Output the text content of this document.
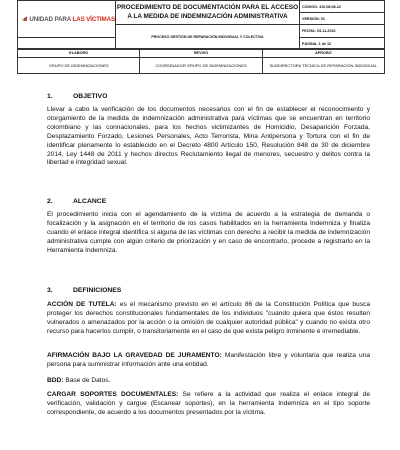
UNIDAD PARA LAS VÍCTIMAS	PROCEDIMIENTO DE DOCUMENTACIÓN PARA EL ACCESO A LA MEDIDA DE INDEMNIZACIÓN ADMINISTRATIVA	CÓDIGO: 410,08,08-22
		VERSIÓN: 01
	PROCESO GESTIÓN DE REPARACIÓN INDIVIDUAL Y COLECTIVA	FECHA: 03-11-2016
		PÁGINA: 1 de 12
ELABORÓ	REVISÓ	APROBÓ
GRUPO DE INDEMNIZACIONES	COORDINADOR GRUPO DE INDEMNIZACIONES	SUBDIRECTORA TÉCNICA DE REPARACIÓN INDIVIDUAL
1.	OBJETIVO

Llevar a cabo la verificación de los documentos necesarios con el fin de establecer el reconocimiento y otorgamiento de la medida de indemnización administrativa para víctimas que se encuentran en territorio colombiano y las connacionales, para los hechos victimizantes de Homicidio, Desaparición Forzada, Desplazamiento Forzado, Lesiones Personales, Acto Terrorista, Mina Antipersona y Tortura con el fin de identificar plenamente lo establecido en el Decreto 4800 Artículo 150, Resolución 848 de 30 de diciembre 2014, Ley 1448 de 2011 y hechos directos Reclutamiento ilegal de menores, secuestro y delitos contra la libertad e integridad sexual.

2.	ALCANCE

El procedimiento inicia con el agendamiento de la víctima de acuerdo a la estrategia de demanda o focalización y la asignación en el territorio de los casos habilitados en la herramienta Indemniza y finaliza cuando el enlace integral identifica si alguna de las víctimas con derecho a recibir la medida de indemnización administrativa cumple con algún criterio de priorización y en caso de encontrarlo, procede a registrarlo en la Herramienta Indemniza.

3.	DEFINICIONES

ACCIÓN DE TUTELA: es el mecanismo previsto en el artículo 86 de la Constitución Política que busca proteger los derechos constitucionales fundamentales de los individuos "cuando quiera que éstos resulten vulnerados o amenazados por la acción o la omisión de cualquier autoridad pública" y cuando no exista otro recurso para hacerlos cumplir, o transitoriamente en el caso de que exista peligro inminente e irremediable.

AFIRMACIÓN BAJO LA GRAVEDAD DE JURAMENTO: Manifestación libre y voluntaria que realiza una persona para suministrar información ante una entidad.

BDD: Base de Datos.

CARGAR SOPORTES DOCUMENTALES: Se refiere a la actividad que realiza el enlace integral de verificación, validación y cargue (Escanear soportes), en la herramienta Indemniza en el tipo soporte correspondiente, de acuerdo a los documentos presentados por la víctima.
